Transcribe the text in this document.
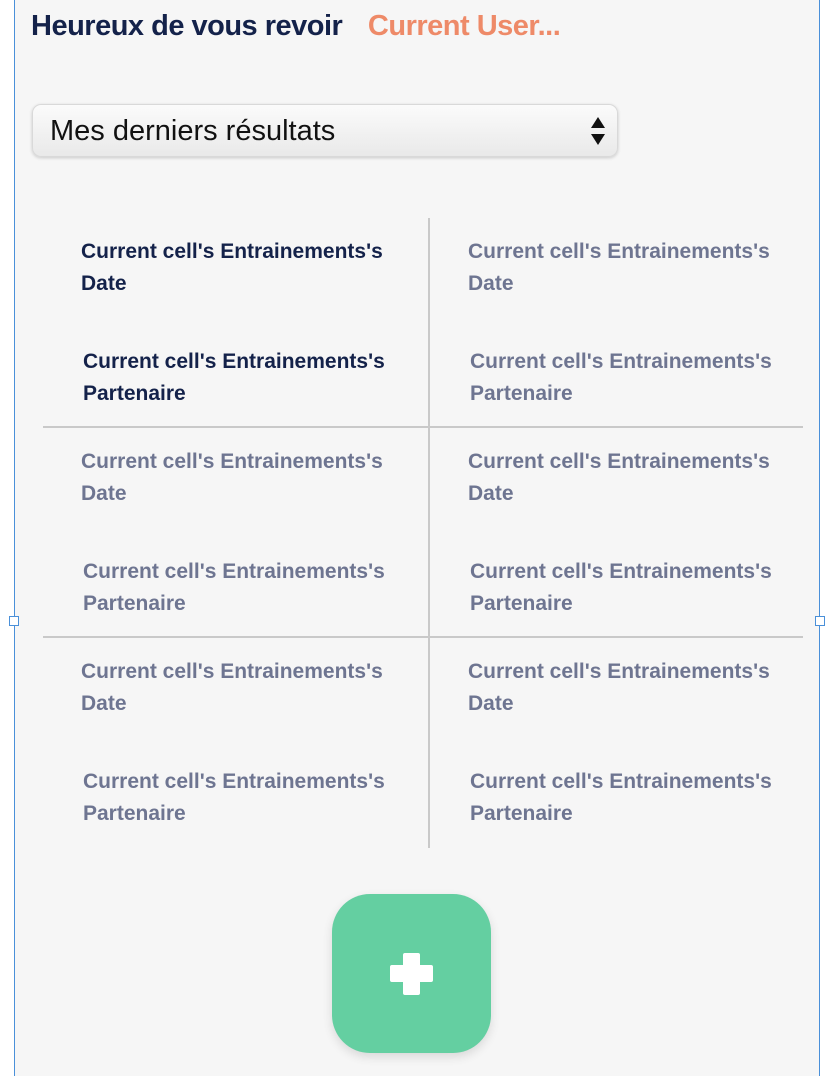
Heureux de vous revoir Current User...
Mes derniers résultats
Current cell's Entrainements's
Date
Current cell's Entrainements's
Partenaire
Current cell's Entrainements's
Date
Current cell's Entrainements's
Partenaire
Current cell's Entrainements's
Date
Current cell's Entrainements's
Partenaire
Current cell's Entrainements's
Date
Current cell's Entrainements's
Partenaire
Current cell's Entrainements's
Date
Current cell's Entrainements's
Partenaire
Current cell's Entrainements's
Date
Current cell's Entrainements's
Partenaire
